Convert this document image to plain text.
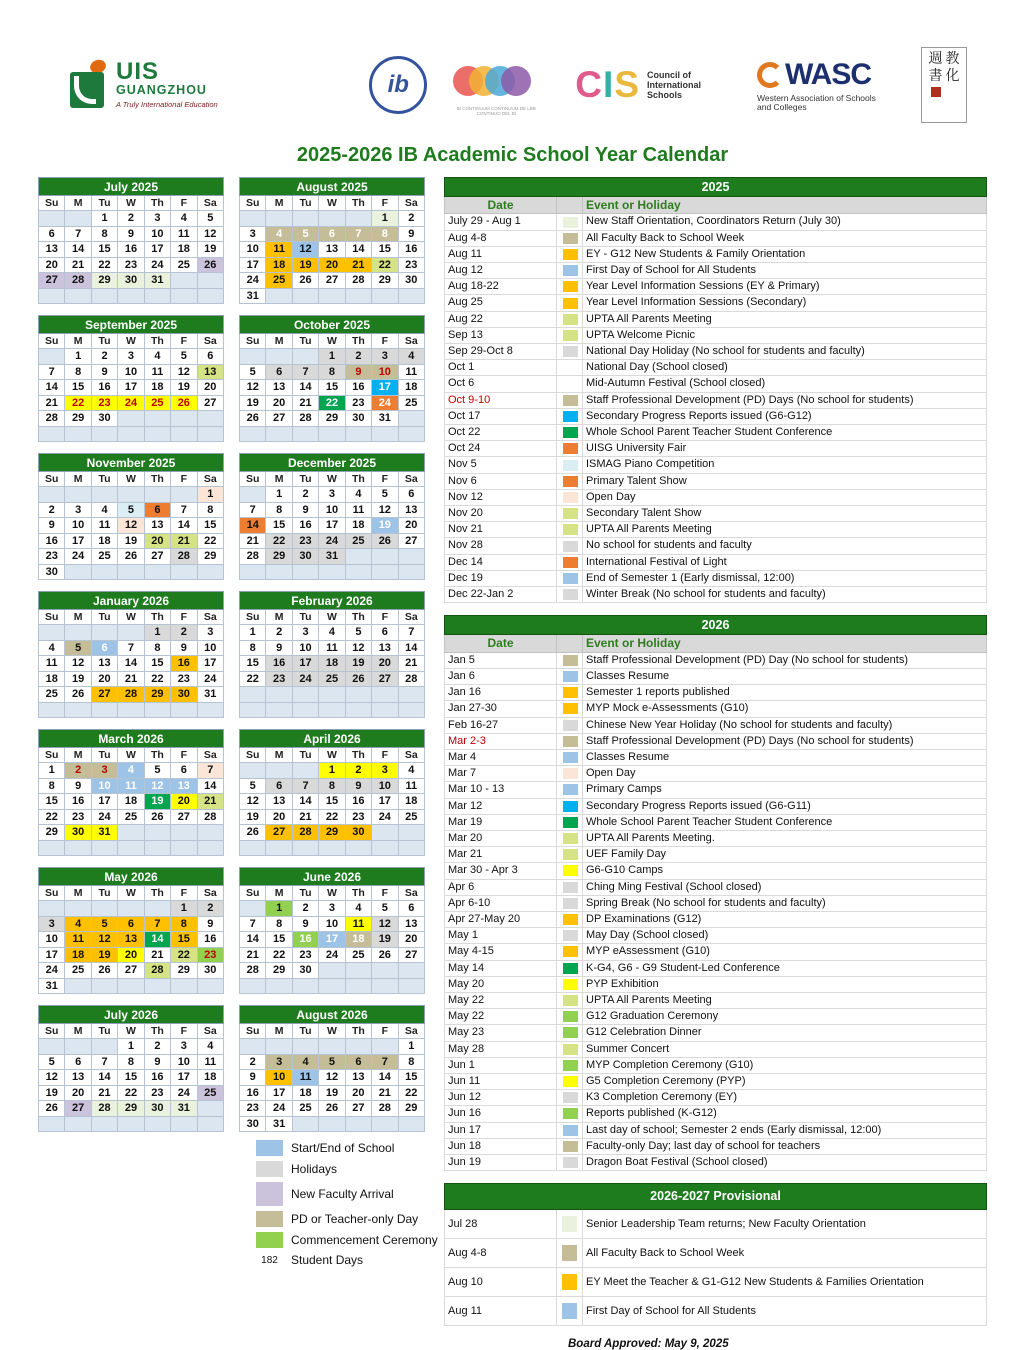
UIS
GUANGZHOU
A Truly International Education
ib
IB CONTINUUM CONTINUUM DE LBB CONTINUO DEL BI
CIS Council of International Schools
WASC
Western Association of Schools and Colleges
教
化
週
書
2025-2026 IB Academic School Year Calendar
July 2025						
Su	M	Tu	W	Th	F	Sa
		1	2	3	4	5
6	7	8	9	10	11	12
13	14	15	16	17	18	19
20	21	22	23	24	25	26
27	28	29	30	31		

August 2025						
Su	M	Tu	W	Th	F	Sa
					1	2
3	4	5	6	7	8	9
10	11	12	13	14	15	16
17	18	19	20	21	22	23
24	25	26	27	28	29	30
31						
September 2025						
Su	M	Tu	W	Th	F	Sa
	1	2	3	4	5	6
7	8	9	10	11	12	13
14	15	16	17	18	19	20
21	22	23	24	25	26	27
28	29	30				

October 2025						
Su	M	Tu	W	Th	F	Sa
			1	2	3	4
5	6	7	8	9	10	11
12	13	14	15	16	17	18
19	20	21	22	23	24	25
26	27	28	29	30	31	

November 2025						
Su	M	Tu	W	Th	F	Sa
						1
2	3	4	5	6	7	8
9	10	11	12	13	14	15
16	17	18	19	20	21	22
23	24	25	26	27	28	29
30						
December 2025						
Su	M	Tu	W	Th	F	Sa
	1	2	3	4	5	6
7	8	9	10	11	12	13
14	15	16	17	18	19	20
21	22	23	24	25	26	27
28	29	30	31			

January 2026						
Su	M	Tu	W	Th	F	Sa
				1	2	3
4	5	6	7	8	9	10
11	12	13	14	15	16	17
18	19	20	21	22	23	24
25	26	27	28	29	30	31

February 2026						
Su	M	Tu	W	Th	F	Sa
1	2	3	4	5	6	7
8	9	10	11	12	13	14
15	16	17	18	19	20	21
22	23	24	25	26	27	28

March 2026						
Su	M	Tu	W	Th	F	Sa
1	2	3	4	5	6	7
8	9	10	11	12	13	14
15	16	17	18	19	20	21
22	23	24	25	26	27	28
29	30	31				

April 2026						
Su	M	Tu	W	Th	F	Sa
			1	2	3	4
5	6	7	8	9	10	11
12	13	14	15	16	17	18
19	20	21	22	23	24	25
26	27	28	29	30		

May 2026						
Su	M	Tu	W	Th	F	Sa
					1	2
3	4	5	6	7	8	9
10	11	12	13	14	15	16
17	18	19	20	21	22	23
24	25	26	27	28	29	30
31						
June 2026						
Su	M	Tu	W	Th	F	Sa
	1	2	3	4	5	6
7	8	9	10	11	12	13
14	15	16	17	18	19	20
21	22	23	24	25	26	27
28	29	30				

July 2026						
Su	M	Tu	W	Th	F	Sa
			1	2	3	4
5	6	7	8	9	10	11
12	13	14	15	16	17	18
19	20	21	22	23	24	25
26	27	28	29	30	31	

August 2026						
Su	M	Tu	W	Th	F	Sa
						1
2	3	4	5	6	7	8
9	10	11	12	13	14	15
16	17	18	19	20	21	22
23	24	25	26	27	28	29
30	31					
Start/End of School
Holidays
New Faculty Arrival
PD or Teacher-only Day
Commencement Ceremony
182	Student Days
2025		
Date		Event or Holiday
July 29 - Aug 1		New Staff Orientation, Coordinators Return (July 30)
Aug 4-8		All Faculty Back to School Week
Aug 11		EY - G12 New Students & Family Orientation
Aug 12		First Day of School for All Students
Aug 18-22		Year Level Information Sessions (EY & Primary)
Aug 25		Year Level Information Sessions (Secondary)
Aug 22		UPTA All Parents Meeting
Sep 13		UPTA Welcome Picnic
Sep 29-Oct 8		National Day Holiday (No school for students and faculty)
Oct 1		National Day (School closed)
Oct 6		Mid-Autumn Festival (School closed)
Oct 9-10		Staff Professional Development (PD) Days (No school for students)
Oct 17		Secondary Progress Reports issued (G6-G12)
Oct 22		Whole School Parent Teacher Student Conference
Oct 24		UISG University Fair
Nov 5		ISMAG Piano Competition
Nov 6		Primary Talent Show
Nov 12		Open Day
Nov 20		Secondary Talent Show
Nov 21		UPTA All Parents Meeting
Nov 28		No school for students and faculty
Dec 14		International Festival of Light
Dec 19		End of Semester 1 (Early dismissal, 12:00)
Dec 22-Jan 2		Winter Break (No school for students and faculty)
2026		
Date		Event or Holiday
Jan 5		Staff Professional Development (PD) Day (No school for students)
Jan 6		Classes Resume
Jan 16		Semester 1 reports published
Jan 27-30		MYP Mock e-Assessments (G10)
Feb 16-27		Chinese New Year Holiday (No school for students and faculty)
Mar 2-3		Staff Professional Development (PD) Days (No school for students)
Mar 4		Classes Resume
Mar 7		Open Day
Mar 10 - 13		Primary Camps
Mar 12		Secondary Progress Reports issued (G6-G11)
Mar 19		Whole School Parent Teacher Student Conference
Mar 20		UPTA All Parents Meeting.
Mar 21		UEF Family Day
Mar 30 - Apr 3		G6-G10 Camps
Apr 6		Ching Ming Festival (School closed)
Apr 6-10		Spring Break (No school for students and faculty)
Apr 27-May 20		DP Examinations (G12)
May 1		May Day (School closed)
May 4-15		MYP eAssessment (G10)
May 14		K-G4, G6 - G9 Student-Led Conference
May 20		PYP Exhibition
May 22		UPTA All Parents Meeting
May 22		G12 Graduation Ceremony
May 23		G12 Celebration Dinner
May 28		Summer Concert
Jun 1		MYP Completion Ceremony (G10)
Jun 11		G5 Completion Ceremony (PYP)
Jun 12		K3 Completion Ceremony (EY)
Jun 16		Reports published (K-G12)
Jun 17		Last day of school; Semester 2 ends (Early dismissal, 12:00)
Jun 18		Faculty-only Day; last day of school for teachers
Jun 19		Dragon Boat Festival (School closed)
2026-2027 Provisional		
Jul 28		Senior Leadership Team returns; New Faculty Orientation
Aug 4-8		All Faculty Back to School Week
Aug 10		EY Meet the Teacher & G1-G12 New Students & Families Orientation
Aug 11		First Day of School for All Students
Board Approved: May 9, 2025
